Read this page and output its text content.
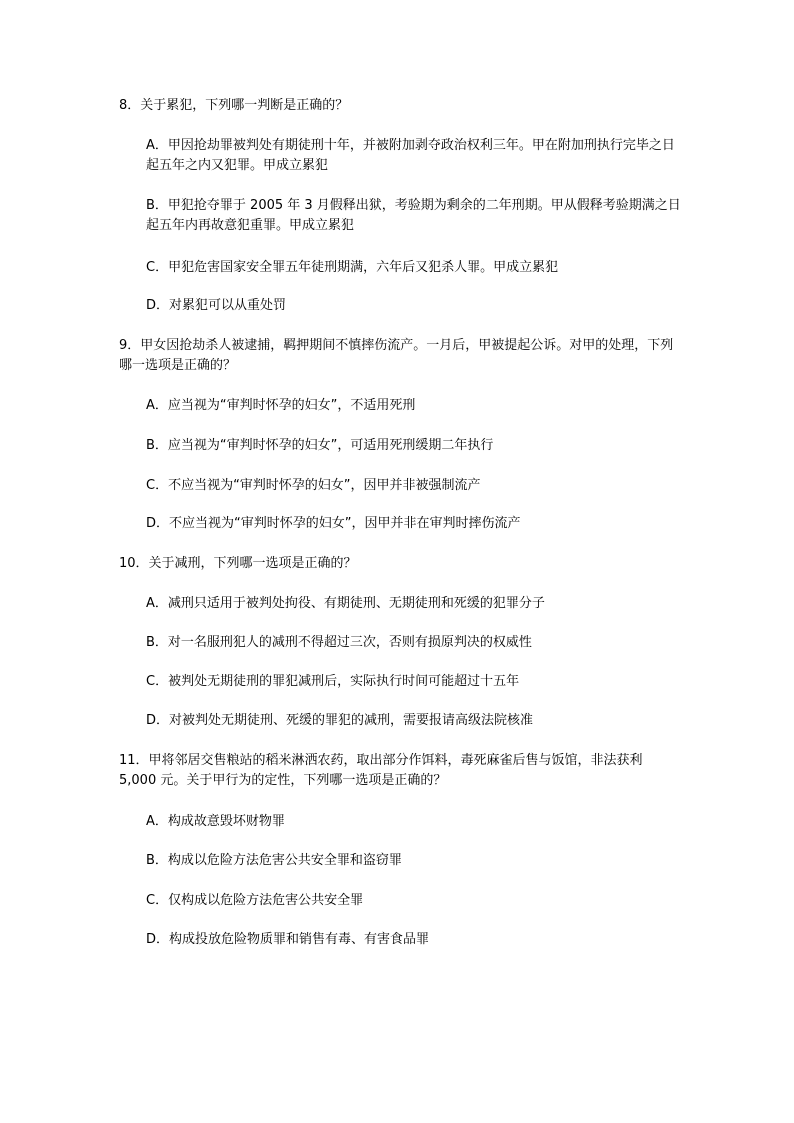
8．关于累犯，下列哪一判断是正确的？

A．甲因抢劫罪被判处有期徒刑十年，并被附加剥夺政治权利三年。甲在附加刑执行完毕之日起五年之内又犯罪。甲成立累犯

B．甲犯抢夺罪于 2005 年 3 月假释出狱，考验期为剩余的二年刑期。甲从假释考验期满之日起五年内再故意犯重罪。甲成立累犯

C．甲犯危害国家安全罪五年徒刑期满，六年后又犯杀人罪。甲成立累犯

D．对累犯可以从重处罚

9．甲女因抢劫杀人被逮捕，羁押期间不慎摔伤流产。一月后，甲被提起公诉。对甲的处理，下列哪一选项是正确的？

A．应当视为“审判时怀孕的妇女”，不适用死刑

B．应当视为“审判时怀孕的妇女”，可适用死刑缓期二年执行

C．不应当视为“审判时怀孕的妇女”，因甲并非被强制流产

D．不应当视为“审判时怀孕的妇女”，因甲并非在审判时摔伤流产

10．关于减刑，下列哪一选项是正确的？

A．减刑只适用于被判处拘役、有期徒刑、无期徒刑和死缓的犯罪分子

B．对一名服刑犯人的减刑不得超过三次，否则有损原判决的权威性

C．被判处无期徒刑的罪犯减刑后，实际执行时间可能超过十五年

D．对被判处无期徒刑、死缓的罪犯的减刑，需要报请高级法院核准

11．甲将邻居交售粮站的稻米淋洒农药，取出部分作饵料，毒死麻雀后售与饭馆，非法获利 5,000 元。关于甲行为的定性，下列哪一选项是正确的？

A．构成故意毁坏财物罪

B．构成以危险方法危害公共安全罪和盗窃罪

C．仅构成以危险方法危害公共安全罪

D．构成投放危险物质罪和销售有毒、有害食品罪
